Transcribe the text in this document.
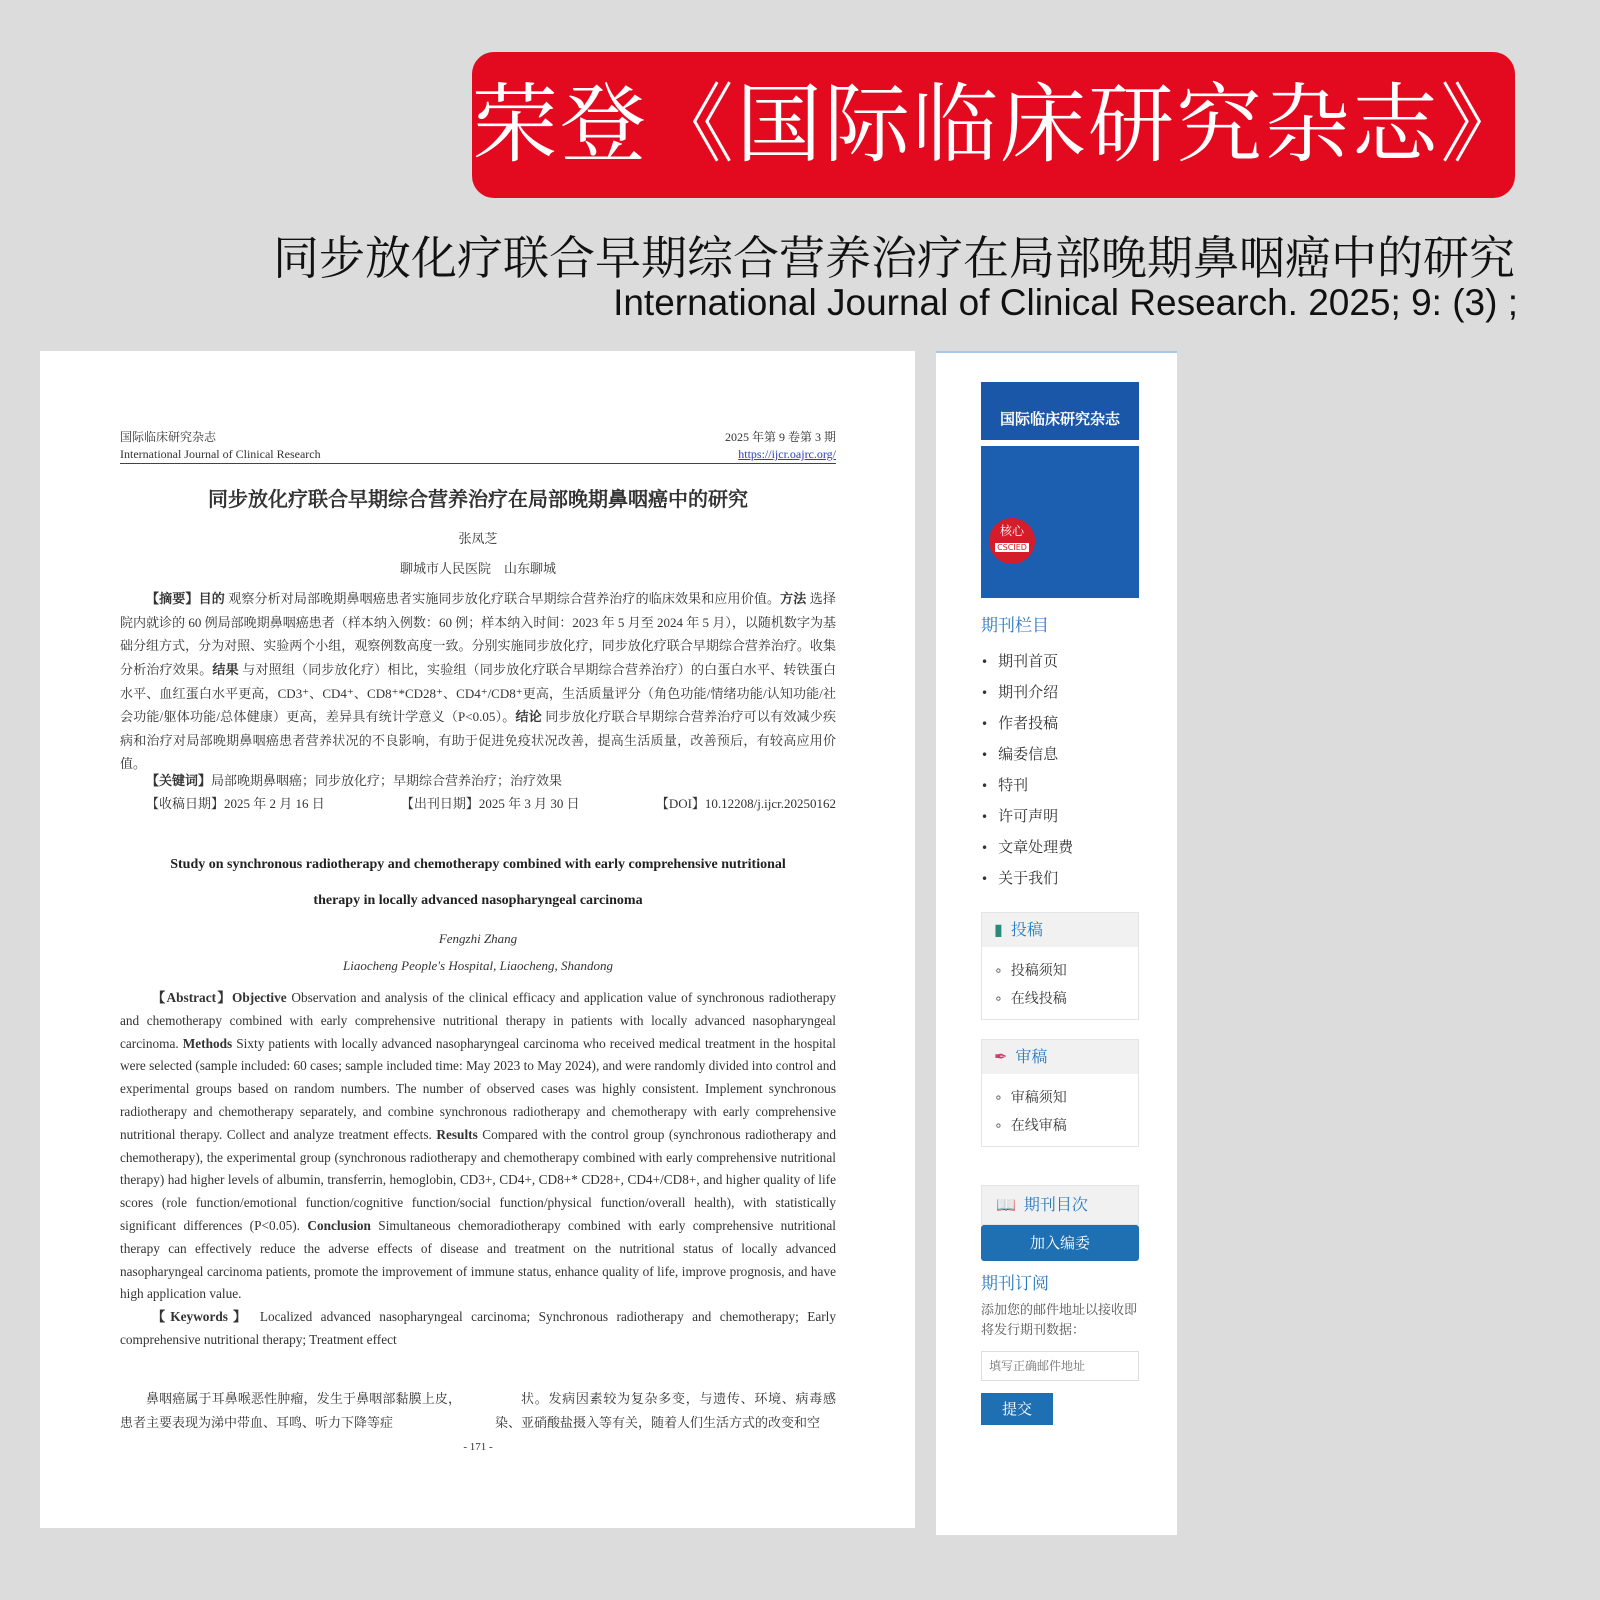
荣登《国际临床研究杂志》
同步放化疗联合早期综合营养治疗在局部晚期鼻咽癌中的研究
International Journal of Clinical Research. 2025; 9: (3) ;
国际临床研究杂志
International Journal of Clinical Research
2025 年第 9 卷第 3 期
https://ijcr.oajrc.org/
同步放化疗联合早期综合营养治疗在局部晚期鼻咽癌中的研究
张凤芝
聊城市人民医院　山东聊城
【摘要】目的 观察分析对局部晚期鼻咽癌患者实施同步放化疗联合早期综合营养治疗的临床效果和应用价值。方法 选择院内就诊的 60 例局部晚期鼻咽癌患者（样本纳入例数：60 例；样本纳入时间：2023 年 5 月至 2024 年 5 月），以随机数字为基础分组方式，分为对照、实验两个小组，观察例数高度一致。分别实施同步放化疗，同步放化疗联合早期综合营养治疗。收集分析治疗效果。结果 与对照组（同步放化疗）相比，实验组（同步放化疗联合早期综合营养治疗）的白蛋白水平、转铁蛋白水平、血红蛋白水平更高，CD3⁺、CD4⁺、CD8⁺*CD28⁺、CD4⁺/CD8⁺更高，生活质量评分（角色功能/情绪功能/认知功能/社会功能/躯体功能/总体健康）更高，差异具有统计学意义（P<0.05）。结论 同步放化疗联合早期综合营养治疗可以有效减少疾病和治疗对局部晚期鼻咽癌患者营养状况的不良影响，有助于促进免疫状况改善，提高生活质量，改善预后，有较高应用价值。
【关键词】局部晚期鼻咽癌；同步放化疗；早期综合营养治疗；治疗效果
【收稿日期】2025 年 2 月 16 日	【出刊日期】2025 年 3 月 30 日	【DOI】10.12208/j.ijcr.20250162
Study on synchronous radiotherapy and chemotherapy combined with early comprehensive nutritional
therapy in locally advanced nasopharyngeal carcinoma
Fengzhi Zhang
Liaocheng People's Hospital, Liaocheng, Shandong
【Abstract】Objective Observation and analysis of the clinical efficacy and application value of synchronous radiotherapy and chemotherapy combined with early comprehensive nutritional therapy in patients with locally advanced nasopharyngeal carcinoma. Methods Sixty patients with locally advanced nasopharyngeal carcinoma who received medical treatment in the hospital were selected (sample included: 60 cases; sample included time: May 2023 to May 2024), and were randomly divided into control and experimental groups based on random numbers. The number of observed cases was highly consistent. Implement synchronous radiotherapy and chemotherapy separately, and combine synchronous radiotherapy and chemotherapy with early comprehensive nutritional therapy. Collect and analyze treatment effects. Results Compared with the control group (synchronous radiotherapy and chemotherapy), the experimental group (synchronous radiotherapy and chemotherapy combined with early comprehensive nutritional therapy) had higher levels of albumin, transferrin, hemoglobin, CD3+, CD4+, CD8+* CD28+, CD4+/CD8+, and higher quality of life scores (role function/emotional function/cognitive function/social function/physical function/overall health), with statistically significant differences (P<0.05). Conclusion Simultaneous chemoradiotherapy combined with early comprehensive nutritional therapy can effectively reduce the adverse effects of disease and treatment on the nutritional status of locally advanced nasopharyngeal carcinoma patients, promote the improvement of immune status, enhance quality of life, improve prognosis, and have high application value.
【Keywords】 Localized advanced nasopharyngeal carcinoma; Synchronous radiotherapy and chemotherapy; Early comprehensive nutritional therapy; Treatment effect
鼻咽癌属于耳鼻喉恶性肿瘤，发生于鼻咽部黏膜上皮，患者主要表现为涕中带血、耳鸣、听力下降等症
状。发病因素较为复杂多变，与遗传、环境、病毒感染、亚硝酸盐摄入等有关，随着人们生活方式的改变和空
- 171 -
国际临床研究杂志
核心
CSCIED
期刊栏目
• 期刊首页
• 期刊介绍
• 作者投稿
• 编委信息
• 特刊
• 许可声明
• 文章处理费
• 关于我们
▮ 投稿
∘ 投稿须知
∘ 在线投稿
✒ 审稿
∘ 审稿须知
∘ 在线审稿
📖 期刊目次
加入编委
期刊订阅
添加您的邮件地址以接收即将发行期刊数据：
填写正确邮件地址
提交
